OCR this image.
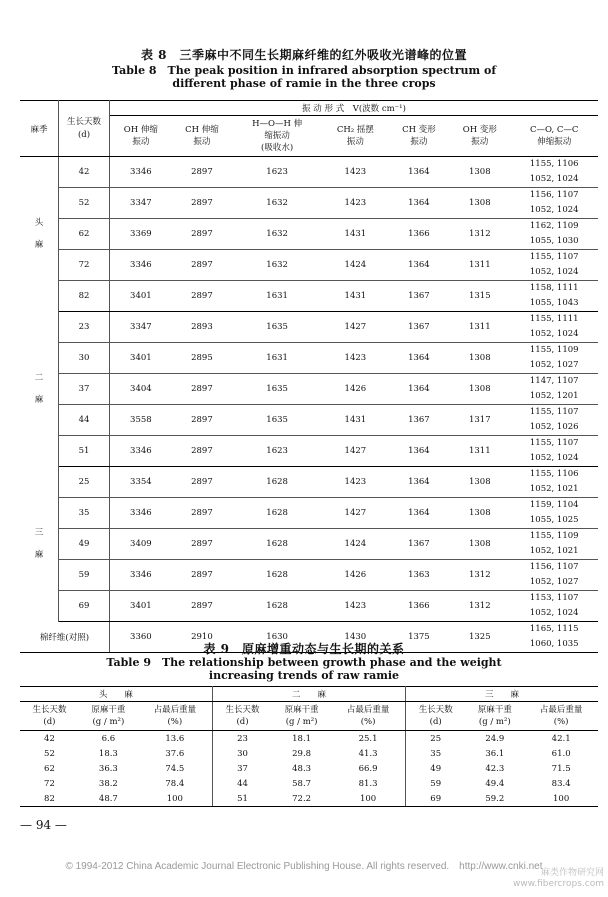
表 8　三季麻中不同生长期麻纤维的红外吸收光谱峰的位置
Table 8　The peak position in infrared absorption spectrum of
different phase of ramie in the three crops
麻季	生长天数
(d)	振 动 形 式　V(波数 cm⁻¹)						

		OH 伸缩
振动	CH 伸缩
振动	H—O—H 伸
缩振动
(吸收水)	CH₂ 摇摆
振动	CH 变形
振动	OH 变形
振动	C—O, C—C
伸缩振动

头
麻	42	3346	2897	1623	1423	1364	1308	1155, 1106
1052, 1024

	52	3347	2897	1632	1423	1364	1308	1156, 1107
1052, 1024

	62	3369	2897	1632	1431	1366	1312	1162, 1109
1055, 1030

	72	3346	2897	1632	1424	1364	1311	1155, 1107
1052, 1024

	82	3401	2897	1631	1431	1367	1315	1158, 1111
1055, 1043

二
麻	23	3347	2893	1635	1427	1367	1311	1155, 1111
1052, 1024

	30	3401	2895	1631	1423	1364	1308	1155, 1109
1052, 1027

	37	3404	2897	1635	1426	1364	1308	1147, 1107
1052, 1201

	44	3558	2897	1635	1431	1367	1317	1155, 1107
1052, 1026

	51	3346	2897	1623	1427	1364	1311	1155, 1107
1052, 1024

三
麻	25	3354	2897	1628	1423	1364	1308	1155, 1106
1052, 1021

	35	3346	2897	1628	1427	1364	1308	1159, 1104
1055, 1025

	49	3409	2897	1628	1424	1367	1308	1155, 1109
1052, 1021

	59	3346	2897	1628	1426	1363	1312	1156, 1107
1052, 1027

	69	3401	2897	1628	1423	1366	1312	1153, 1107
1052, 1024

棉纤维(对照)		3360	2910	1630	1430	1375	1325	1165, 1115
1060, 1035
表 9　原麻增重动态与生长期的关系
Table 9　The relationship between growth phase and the weight
increasing trends of raw ramie
头　　麻			二　　麻			三　　麻		

生长天数
(d)	原麻干重
(g / m²)	占最后重量
(%)	生长天数
(d)	原麻干重
(g / m²)	占最后重量
(%)	生长天数
(d)	原麻干重
(g / m²)	占最后重量
(%)

42	6.6	13.6	23	18.1	25.1	25	24.9	42.1
52	18.3	37.6	30	29.8	41.3	35	36.1	61.0
62	36.3	74.5	37	48.3	66.9	49	42.3	71.5
72	38.2	78.4	44	58.7	81.3	59	49.4	83.4
82	48.7	100	51	72.2	100	69	59.2	100
— 94 —
© 1994-2012 China Academic Journal Electronic Publishing House. All rights reserved.　http://www.cnki.net
麻类作物研究网
www.fibercrops.com
